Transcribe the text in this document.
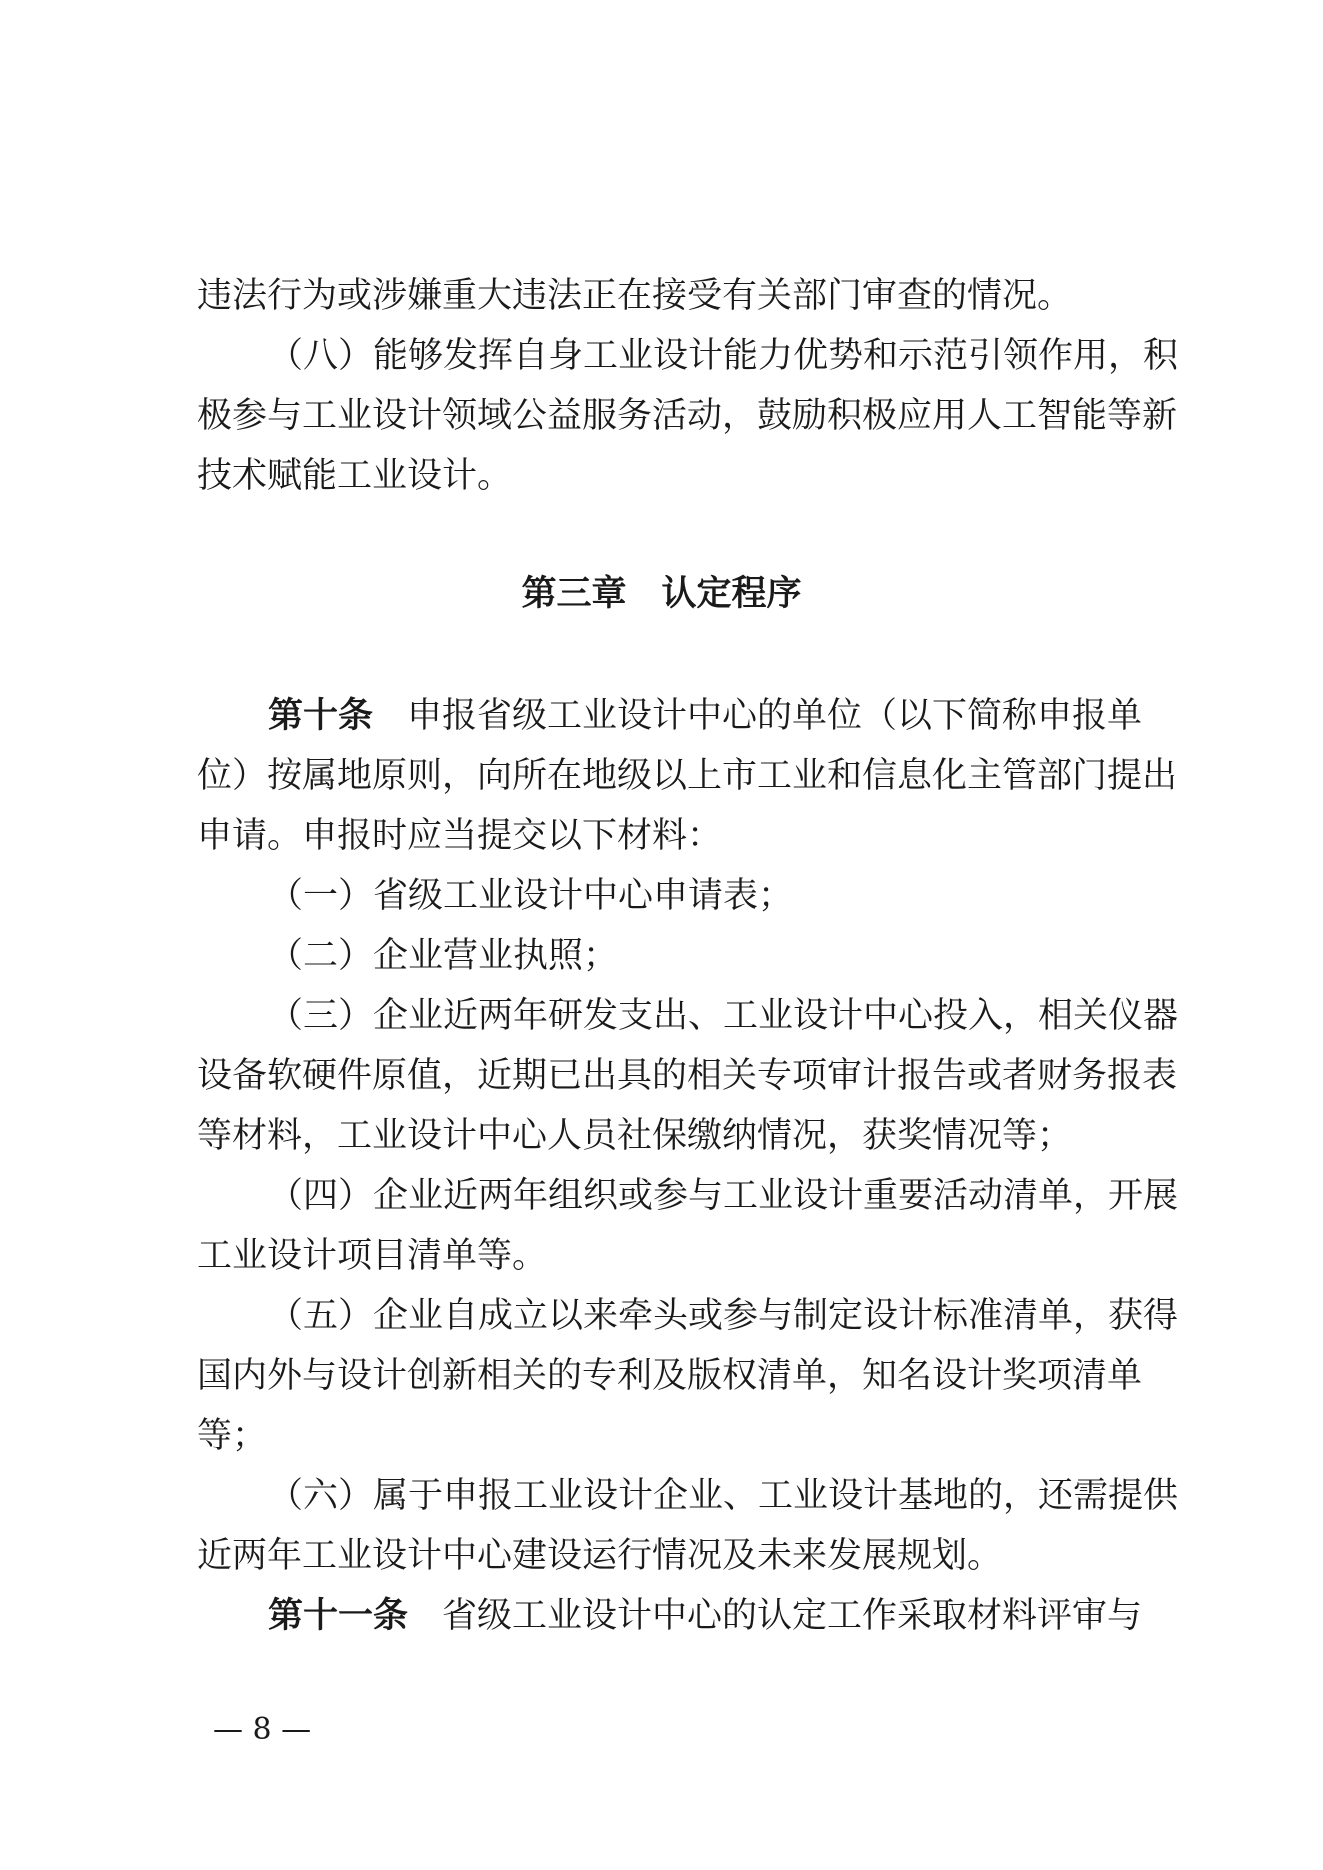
违法行为或涉嫌重大违法正在接受有关部门审查的情况。
（八）能够发挥自身工业设计能力优势和示范引领作用，积
极参与工业设计领域公益服务活动，鼓励积极应用人工智能等新
技术赋能工业设计。
第三章　认定程序
第十条 申报省级工业设计中心的单位（以下简称申报单
位）按属地原则，向所在地级以上市工业和信息化主管部门提出
申请。申报时应当提交以下材料：
（一）省级工业设计中心申请表；
（二）企业营业执照；
（三）企业近两年研发支出、工业设计中心投入，相关仪器
设备软硬件原值，近期已出具的相关专项审计报告或者财务报表
等材料，工业设计中心人员社保缴纳情况，获奖情况等；
（四）企业近两年组织或参与工业设计重要活动清单，开展
工业设计项目清单等。
（五）企业自成立以来牵头或参与制定设计标准清单，获得
国内外与设计创新相关的专利及版权清单，知名设计奖项清单
等；
（六）属于申报工业设计企业、工业设计基地的，还需提供
近两年工业设计中心建设运行情况及未来发展规划。
第十一条 省级工业设计中心的认定工作采取材料评审与
— 8 —
